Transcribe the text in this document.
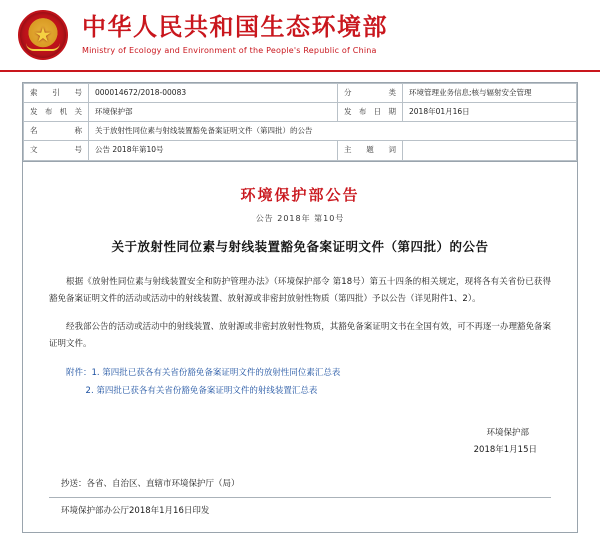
★
中华人民共和国生态环境部
Ministry of Ecology and Environment of the People's Republic of China
索 引 号	000014672/2018-00083	分类	环境管理业务信息;核与辐射安全管理
发布机关	环境保护部	发布日期	2018年01月16日
名 称	关于放射性同位素与射线装置豁免备案证明文件（第四批）的公告		
文 号	公告 2018年第10号	主 题 词	
环境保护部公告
公告 2018年 第10号
关于放射性同位素与射线装置豁免备案证明文件（第四批）的公告

根据《放射性同位素与射线装置安全和防护管理办法》（环境保护部令 第18号）第五十四条的相关规定，现将各有关省份已获得豁免备案证明文件的活动或活动中的射线装置、放射源或非密封放射性物质（第四批）予以公告（详见附件1、2）。

经我部公告的活动或活动中的射线装置、放射源或非密封放射性物质，其豁免备案证明文书在全国有效，可不再逐一办理豁免备案证明文件。

附件：1. 第四批已获各有关省份豁免备案证明文件的放射性同位素汇总表
2. 第四批已获各有关省份豁免备案证明文件的射线装置汇总表
环境保护部
2018年1月15日
抄送：各省、自治区、直辖市环境保护厅（局）
环境保护部办公厅2018年1月16日印发
